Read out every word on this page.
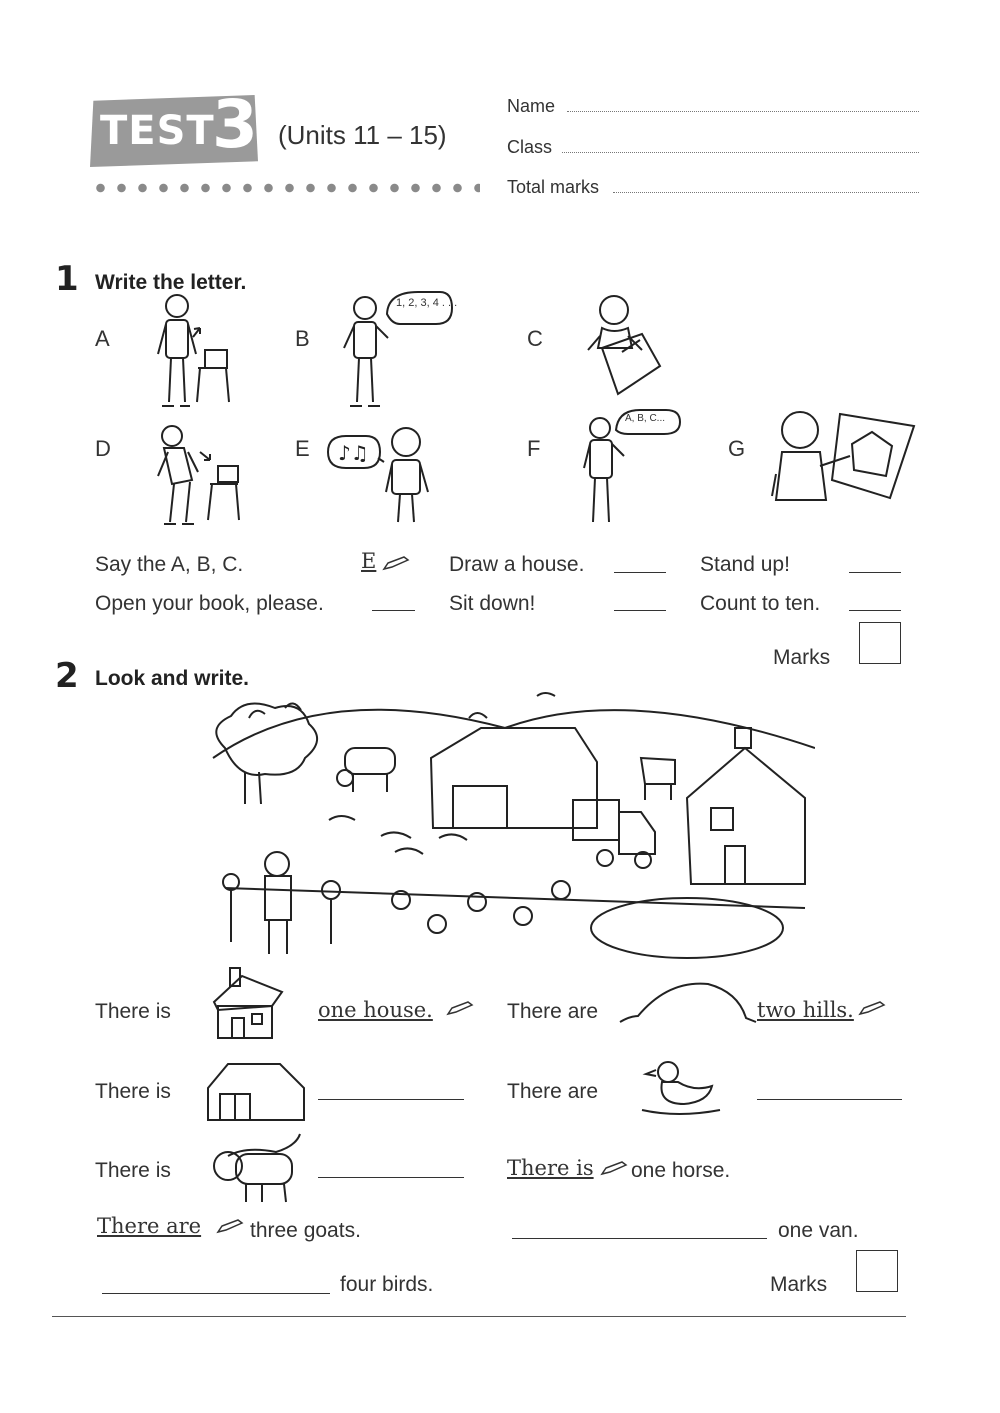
TEST
3 (Units 11 – 15)
Name
Class
Total marks
1 Write the letter.
A	B	C
D	E	F	G
1, 2, 3, 4 . . .
♪♫
A, B, C...
Say the A, B, C.	E	Draw a house.	Stand up!
Open your book, please.	Sit down!	Count to ten.
Marks
2 Look and write.
There is	one house.	There are	two hills.
There is	There are
There is	There is one horse.
There are three goats.	one van.
four birds.	Marks
